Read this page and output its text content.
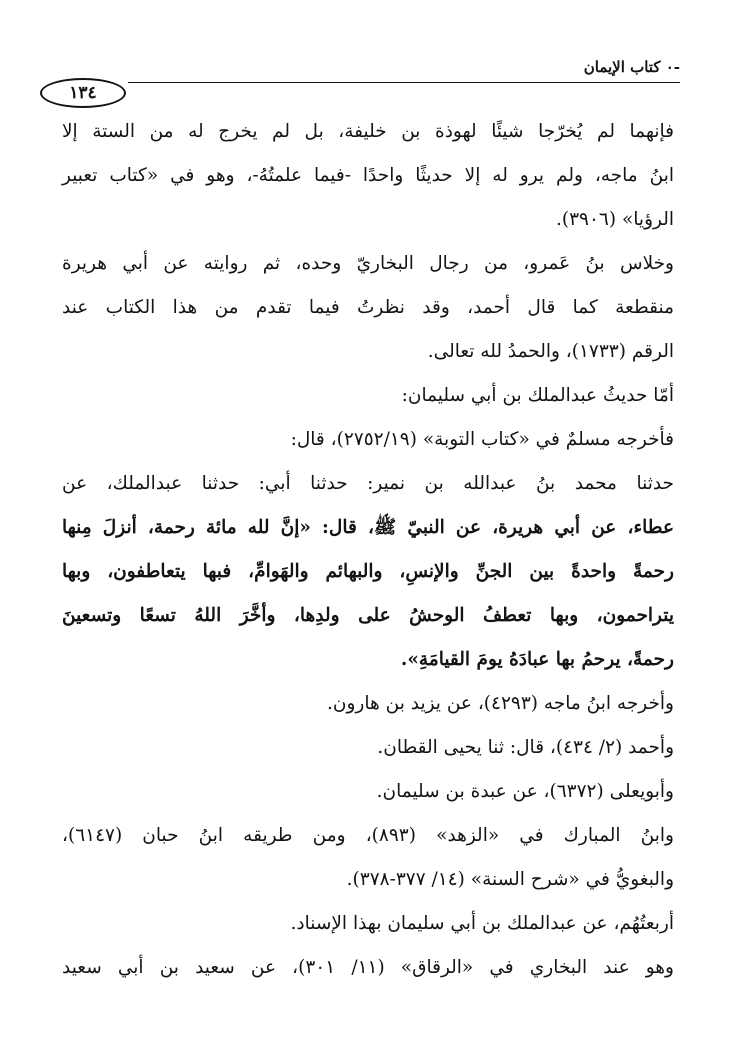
١٣٤
-٠ كتاب الإيمان
فإنهما لم يُخرّجا شيئًا لهوذة بن خليفة، بل لم يخرج له من الستة إلا
ابنُ ماجه، ولم يرو له إلا حديثًا واحدًا -فيما علمتُهُ-، وهو في «كتاب تعبير
الرؤيا» (٣٩٠٦).
وخلاس بنُ عَمرو، من رجال البخاريّ وحده، ثم روايته عن أبي هريرة
منقطعة كما قال أحمد، وقد نظرتُ فيما تقدم من هذا الكتاب عند
الرقم (١٧٣٣)، والحمدُ لله تعالى.
أمّا حديثُ عبدالملك بن أبي سليمان:
فأخرجه مسلمٌ في «كتاب التوبة» (٢٧٥٢/١٩)، قال:
حدثنا محمد بنُ عبدالله بن نمير: حدثنا أبي: حدثنا عبدالملك، عن
عطاء، عن أبي هريرة، عن النبيّ ﷺ، قال: «إنَّ لله مائة رحمة، أنزلَ مِنها
رحمةً واحدةً بين الجنِّ والإنسِ، والبهائم والهَوامِّ، فبها يتعاطفون، وبها
يتراحمون، وبها تعطفُ الوحشُ على ولدِها، وأخَّرَ اللهُ تسعًا وتسعينَ
رحمةً، يرحمُ بها عبادَهُ يومَ القيامَةِ».
وأخرجه ابنُ ماجه (٤٢٩٣)، عن يزيد بن هارون.
وأحمد (٢/ ٤٣٤)، قال: ثنا يحيى القطان.
وأبويعلى (٦٣٧٢)، عن عبدة بن سليمان.
وابنُ المبارك في «الزهد» (٨٩٣)، ومن طريقه ابنُ حبان (٦١٤٧)،
والبغويُّ في «شرح السنة» (١٤/ ٣٧٧-٣٧٨).
أربعتُهُم، عن عبدالملك بن أبي سليمان بهذا الإسناد.
وهو عند البخاري في «الرقاق» (١١/ ٣٠١)، عن سعيد بن أبي سعيد
